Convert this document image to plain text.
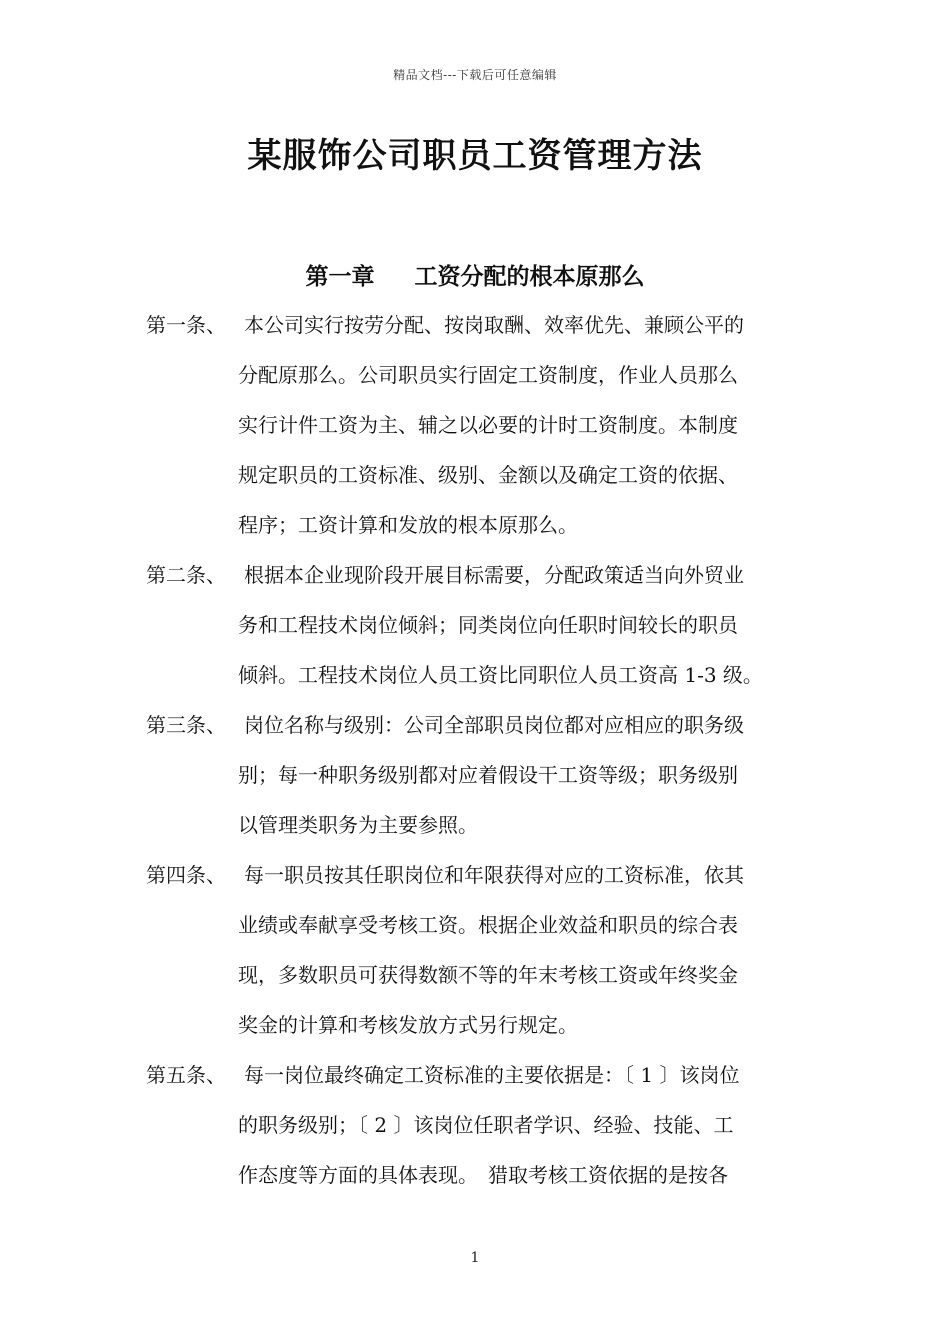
精品文档---下载后可任意编辑
某服饰公司职员工资管理方法
第一章 工资分配的根本原那么
第一条、 本公司实行按劳分配、按岗取酬、效率优先、兼顾公平的
分配原那么。公司职员实行固定工资制度，作业人员那么
实行计件工资为主、辅之以必要的计时工资制度。本制度
规定职员的工资标准、级别、金额以及确定工资的依据、
程序；工资计算和发放的根本原那么。
第二条、 根据本企业现阶段开展目标需要，分配政策适当向外贸业
务和工程技术岗位倾斜；同类岗位向任职时间较长的职员
倾斜。工程技术岗位人员工资比同职位人员工资高 1-3 级。
第三条、 岗位名称与级别：公司全部职员岗位都对应相应的职务级
别；每一种职务级别都对应着假设干工资等级；职务级别
以管理类职务为主要参照。
第四条、 每一职员按其任职岗位和年限获得对应的工资标准，依其
业绩或奉献享受考核工资。根据企业效益和职员的综合表
现，多数职员可获得数额不等的年末考核工资或年终奖金
奖金的计算和考核发放方式另行规定。
第五条、 每一岗位最终确定工资标准的主要依据是：〔 1 〕该岗位
的职务级别；〔 2 〕该岗位任职者学识、经验、技能、工
作态度等方面的具体表现。　猎取考核工资依据的是按各
1
